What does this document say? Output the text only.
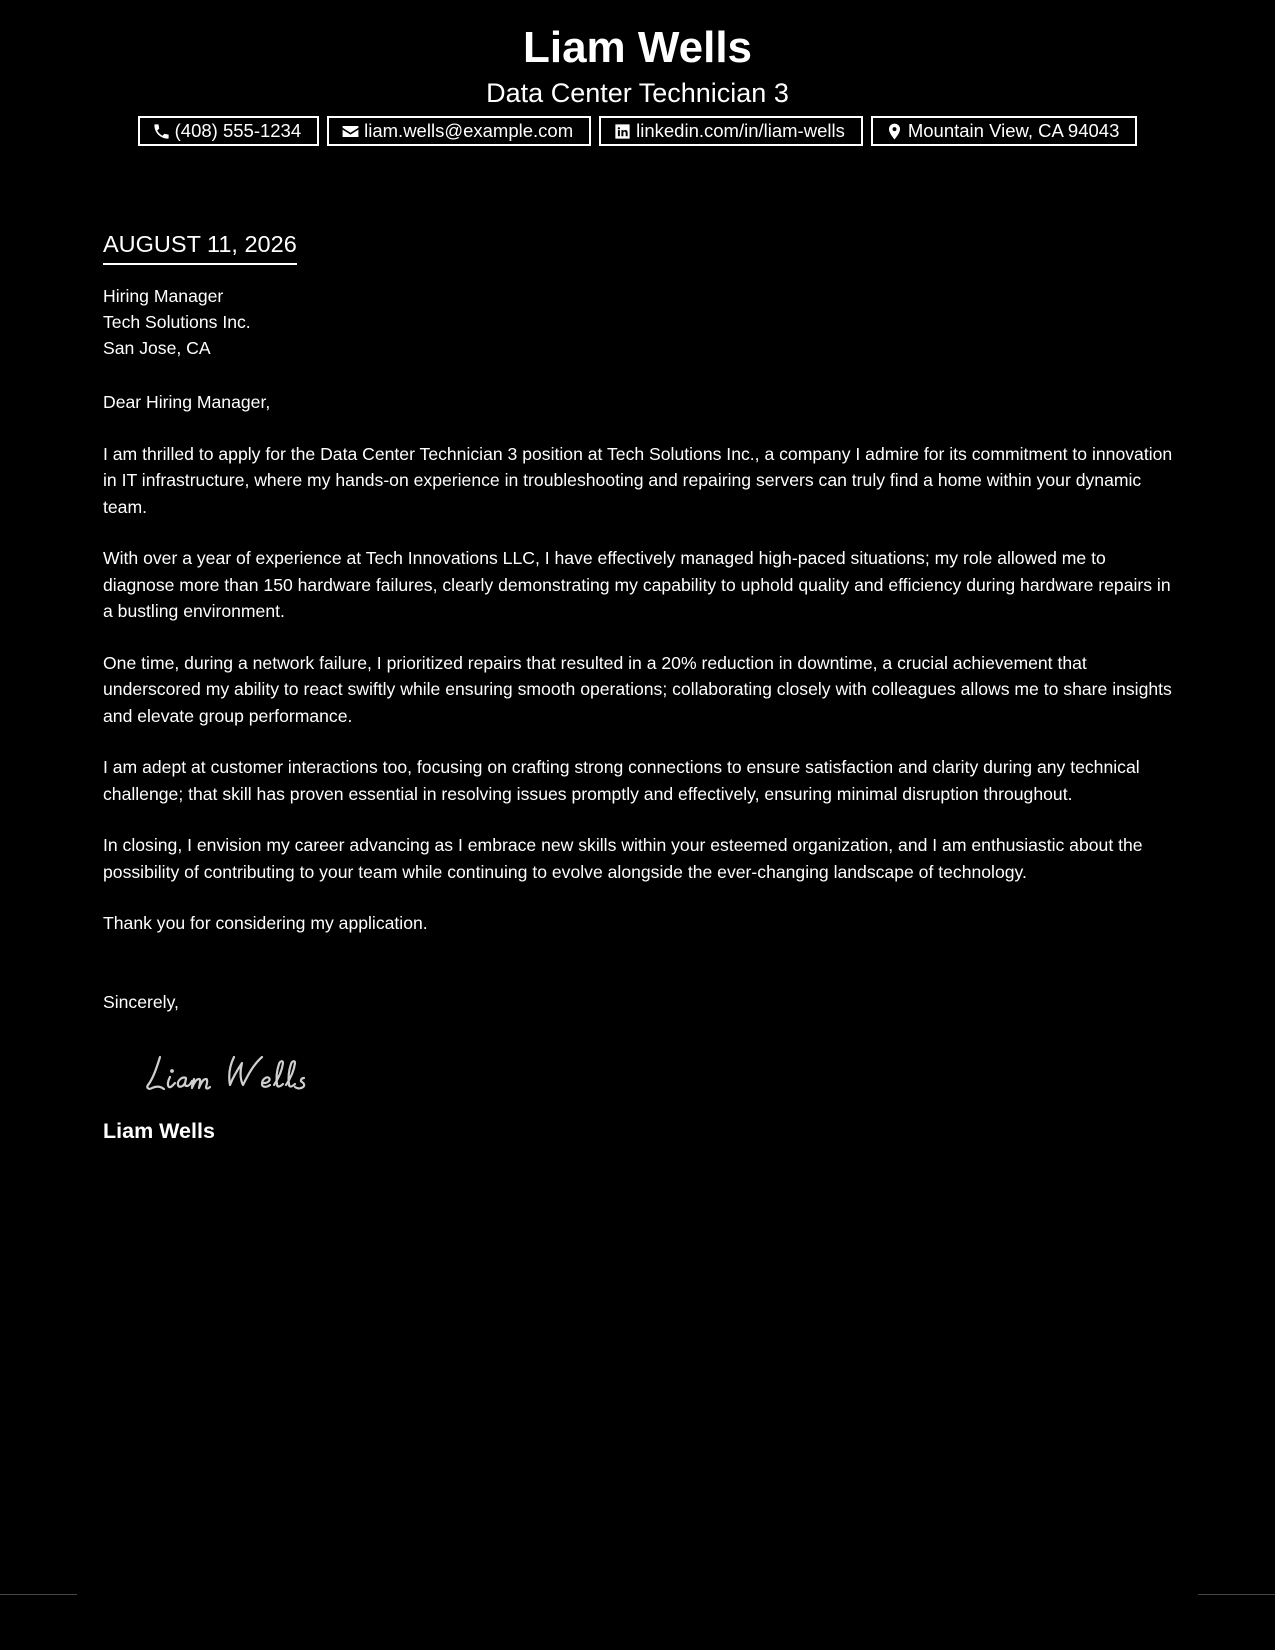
Liam Wells
Data Center Technician 3
(408) 555-1234	liam.wells@example.com	linkedin.com/in/liam-wells	Mountain View, CA 94043
AUGUST 11, 2026
Hiring Manager
Tech Solutions Inc.
San Jose, CA
Dear Hiring Manager,

I am thrilled to apply for the Data Center Technician 3 position at Tech Solutions Inc., a company I admire for its commitment to innovation in IT infrastructure, where my hands-on experience in troubleshooting and repairing servers can truly find a home within your dynamic team.

With over a year of experience at Tech Innovations LLC, I have effectively managed high-paced situations; my role allowed me to diagnose more than 150 hardware failures, clearly demonstrating my capability to uphold quality and efficiency during hardware repairs in a bustling environment.

One time, during a network failure, I prioritized repairs that resulted in a 20% reduction in downtime, a crucial achievement that underscored my ability to react swiftly while ensuring smooth operations; collaborating closely with colleagues allows me to share insights and elevate group performance.

I am adept at customer interactions too, focusing on crafting strong connections to ensure satisfaction and clarity during any technical challenge; that skill has proven essential in resolving issues promptly and effectively, ensuring minimal disruption throughout.

In closing, I envision my career advancing as I embrace new skills within your esteemed organization, and I am enthusiastic about the possibility of contributing to your team while continuing to evolve alongside the ever-changing landscape of technology.

Thank you for considering my application.
Sincerely,
Liam Wells
